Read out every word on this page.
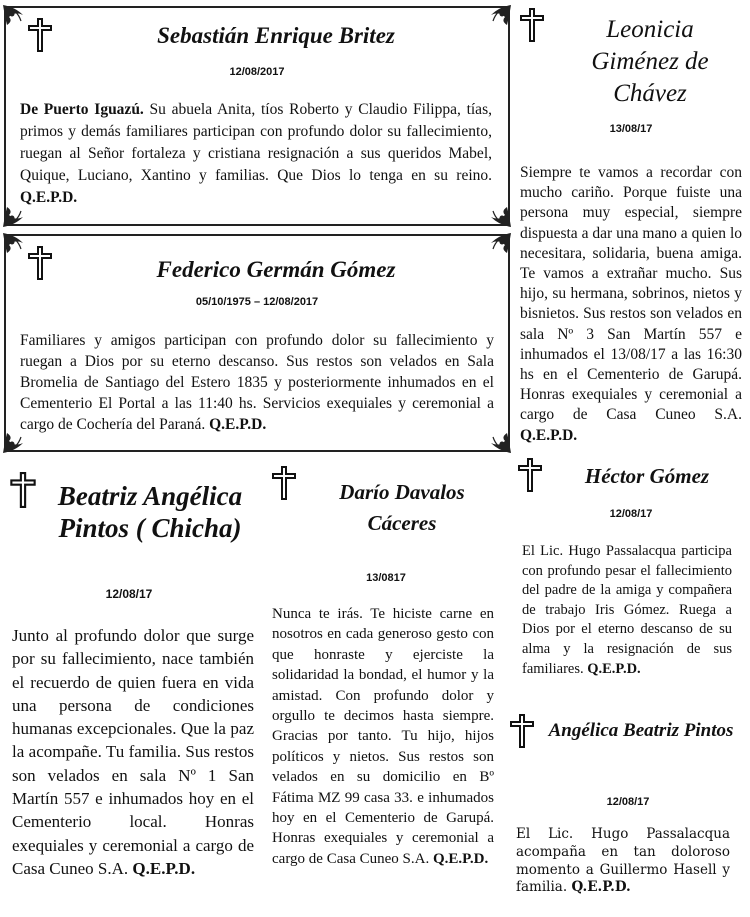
Sebastián Enrique Britez
12/08/2017
De Puerto Iguazú. Su abuela Anita, tíos Roberto y Claudio Filippa, tías, primos y demás familiares participan con profundo dolor su fallecimiento, ruegan al Señor fortaleza y cristiana resignación a sus queridos Mabel, Quique, Luciano, Xantino y familias. Que Dios lo tenga en su reino. Q.E.P.D.
Federico Germán Gómez
05/10/1975 – 12/08/2017
Familiares y amigos participan con profundo dolor su fallecimiento y ruegan a Dios por su eterno descanso. Sus restos son velados en Sala Bromelia de Santiago del Estero 1835 y posteriormente inhumados en el Cementerio El Portal a las 11:40 hs. Servicios exequiales y ceremonial a cargo de Cochería del Paraná. Q.E.P.D.
Leonicia Giménez de Chávez
13/08/17
Siempre te vamos a recordar con mucho cariño. Porque fuiste una persona muy especial, siempre dispuesta a dar una mano a quien lo necesitara, solidaria, buena amiga. Te vamos a extrañar mucho. Sus hijo, su hermana, sobrinos, nietos y bisnietos. Sus restos son velados en sala Nº 3 San Martín 557 e inhumados el 13/08/17 a las 16:30 hs en el Cementerio de Garupá. Honras exequiales y ceremonial a cargo de Casa Cuneo S.A. Q.E.P.D.
Beatriz Angélica Pintos ( Chicha)
12/08/17
Junto al profundo dolor que surge por su fallecimiento, nace también el recuerdo de quien fuera en vida una persona de condiciones humanas excepcionales. Que la paz la acompañe. Tu familia. Sus restos son velados en sala Nº 1 San Martín 557 e inhumados hoy en el Cementerio local. Honras exequiales y ceremonial a cargo de Casa Cuneo S.A. Q.E.P.D.
Darío Davalos Cáceres
13/0817
Nunca te irás. Te hiciste carne en nosotros en cada generoso gesto con que honraste y ejerciste la solidaridad la bondad, el humor y la amistad. Con profundo dolor y orgullo te decimos hasta siempre. Gracias por tanto. Tu hijo, hijos políticos y nietos. Sus restos son velados en su domicilio en Bº Fátima MZ 99 casa 33. e inhumados hoy en el Cementerio de Garupá. Honras exequiales y ceremonial a cargo de Casa Cuneo S.A. Q.E.P.D.
Héctor Gómez
12/08/17
El Lic. Hugo Passalacqua participa con profundo pesar el fallecimiento del padre de la amiga y compañera de trabajo Iris Gómez. Ruega a Dios por el eterno descanso de su alma y la resignación de sus familiares. Q.E.P.D.
Angélica Beatriz Pintos
12/08/17
El Lic. Hugo Passalacqua acompaña en tan doloroso momento a Guillermo Hasell y familia. Q.E.P.D.
